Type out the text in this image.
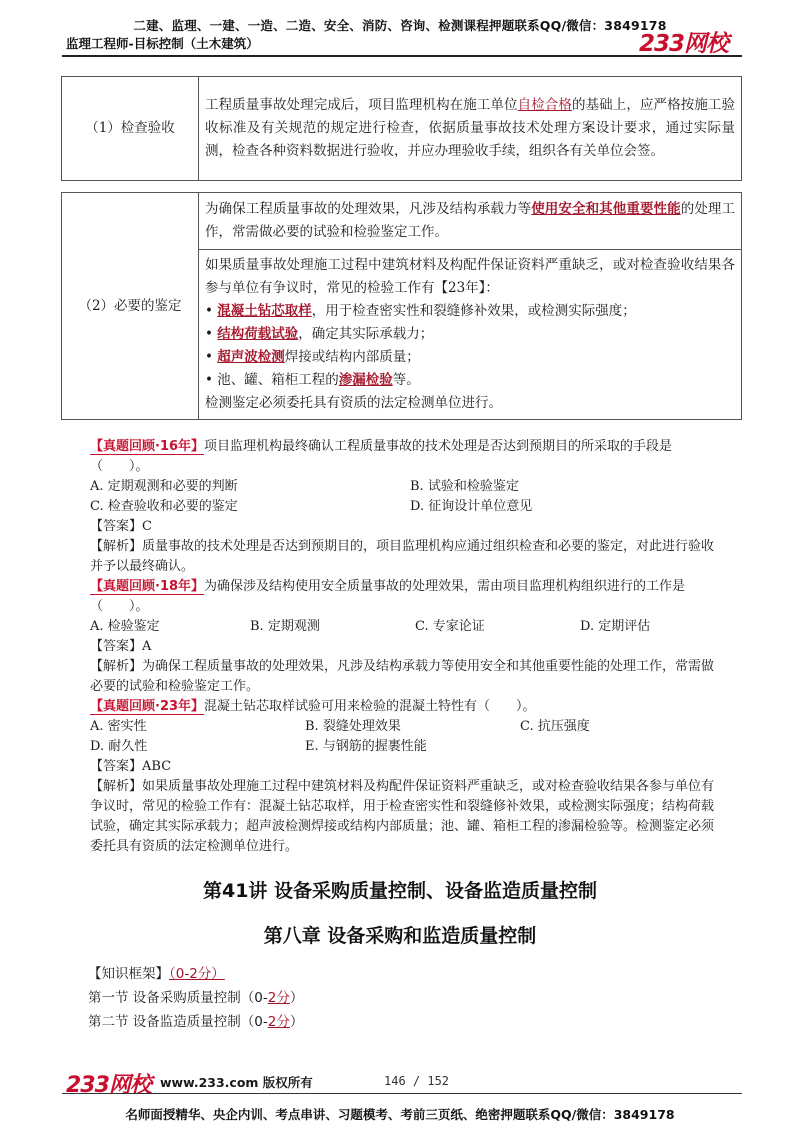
二建、监理、一建、一造、二造、安全、消防、咨询、检测课程押题联系QQ/微信：3849178
监理工程师-目标控制（土木建筑）	233网校
（1）检查验收	工程质量事故处理完成后，项目监理机构在施工单位自检合格的基础上，应严格按施工验收标准及有关规范的规定进行检查，依据质量事故技术处理方案设计要求，通过实际量测，检查各种资料数据进行验收，并应办理验收手续，组织各有关单位会签。
（2）必要的鉴定	为确保工程质量事故的处理效果，凡涉及结构承载力等使用安全和其他重要性能的处理工作，常需做必要的试验和检验鉴定工作。

如果质量事故处理施工过程中建筑材料及构配件保证资料严重缺乏，或对检查验收结果各参与单位有争议时，常见的检验工作有【23年】：
• 混凝土钻芯取样，用于检查密实性和裂缝修补效果，或检测实际强度；
• 结构荷载试验，确定其实际承载力；
• 超声波检测焊接或结构内部质量；
• 池、罐、箱柜工程的渗漏检验等。
检测鉴定必须委托具有资质的法定检测单位进行。

【真题回顾·16年】项目监理机构最终确认工程质量事故的技术处理是否达到预期目的所采取的手段是（　　）。

A. 定期观测和必要的判断	B. 试验和检验鉴定
C. 检查验收和必要的鉴定	D. 征询设计单位意见

【答案】C

【解析】质量事故的技术处理是否达到预期目的，项目监理机构应通过组织检查和必要的鉴定，对此进行验收并予以最终确认。

【真题回顾·18年】为确保涉及结构使用安全质量事故的处理效果，需由项目监理机构组织进行的工作是（　　）。

A. 检验鉴定	B. 定期观测	C. 专家论证	D. 定期评估

【答案】A

【解析】为确保工程质量事故的处理效果，凡涉及结构承载力等使用安全和其他重要性能的处理工作，常需做必要的试验和检验鉴定工作。

【真题回顾·23年】混凝土钻芯取样试验可用来检验的混凝土特性有（　　）。

A. 密实性	B. 裂缝处理效果	C. 抗压强度
D. 耐久性	E. 与钢筋的握裹性能

【答案】ABC

【解析】如果质量事故处理施工过程中建筑材料及构配件保证资料严重缺乏，或对检查验收结果各参与单位有争议时，常见的检验工作有：混凝土钻芯取样，用于检查密实性和裂缝修补效果，或检测实际强度；结构荷载试验，确定其实际承载力；超声波检测焊接或结构内部质量；池、罐、箱柜工程的渗漏检验等。检测鉴定必须委托具有资质的法定检测单位进行。

第41讲 设备采购质量控制、设备监造质量控制
第八章 设备采购和监造质量控制

【知识框架】（0-2分）

第一节 设备采购质量控制（0-2分）

第二节 设备监造质量控制（0-2分）

233网校 www.233.com 版权所有	146 / 152
名师面授精华、央企内训、考点串讲、习题模考、考前三页纸、绝密押题联系QQ/微信：3849178
